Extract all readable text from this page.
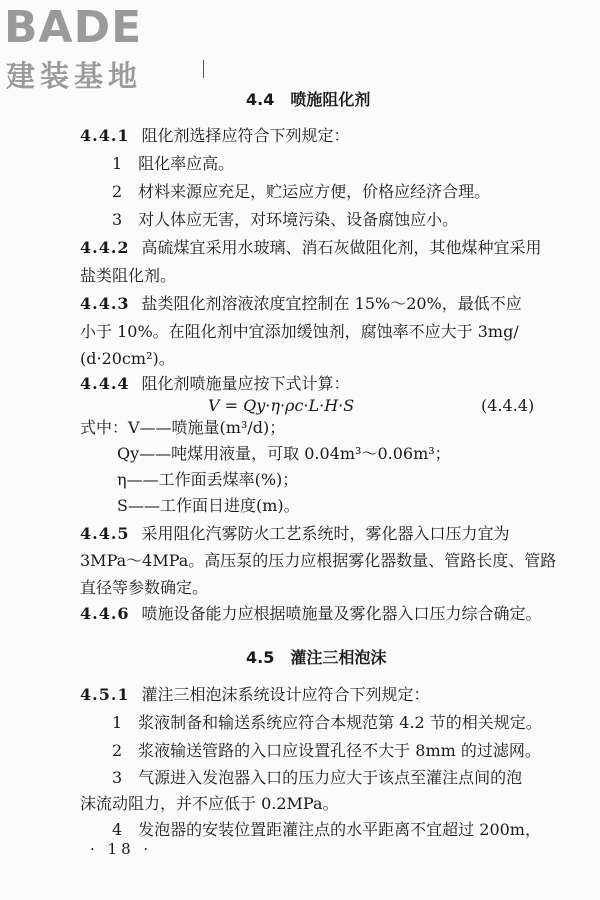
BADE
建装基地
4.4　喷施阻化剂
4.4.1 阻化剂选择应符合下列规定：
1　阻化率应高。
2　材料来源应充足，贮运应方便，价格应经济合理。
3　对人体应无害，对环境污染、设备腐蚀应小。
4.4.2 高硫煤宜采用水玻璃、消石灰做阻化剂，其他煤种宜采用
盐类阻化剂。
4.4.3 盐类阻化剂溶液浓度宜控制在 15%～20%，最低不应
小于 10%。在阻化剂中宜添加缓蚀剂，腐蚀率不应大于 3mg/
(d·20cm²)。
4.4.4 阻化剂喷施量应按下式计算：
V = Qy·η·ρc·L·H·S	(4.4.4)
式中：V——喷施量(m³/d)；
Qy——吨煤用液量，可取 0.04m³～0.06m³；
η——工作面丢煤率(%)；
S——工作面日进度(m)。
4.4.5 采用阻化汽雾防火工艺系统时，雾化器入口压力宜为
3MPa～4MPa。高压泵的压力应根据雾化器数量、管路长度、管路
直径等参数确定。
4.4.6 喷施设备能力应根据喷施量及雾化器入口压力综合确定。
4.5　灌注三相泡沫
4.5.1 灌注三相泡沫系统设计应符合下列规定：
1　浆液制备和输送系统应符合本规范第 4.2 节的相关规定。
2　浆液输送管路的入口应设置孔径不大于 8mm 的过滤网。
3　气源进入发泡器入口的压力应大于该点至灌注点间的泡
沫流动阻力，并不应低于 0.2MPa。
4　发泡器的安装位置距灌注点的水平距离不宜超过 200m，
· 18 ·
